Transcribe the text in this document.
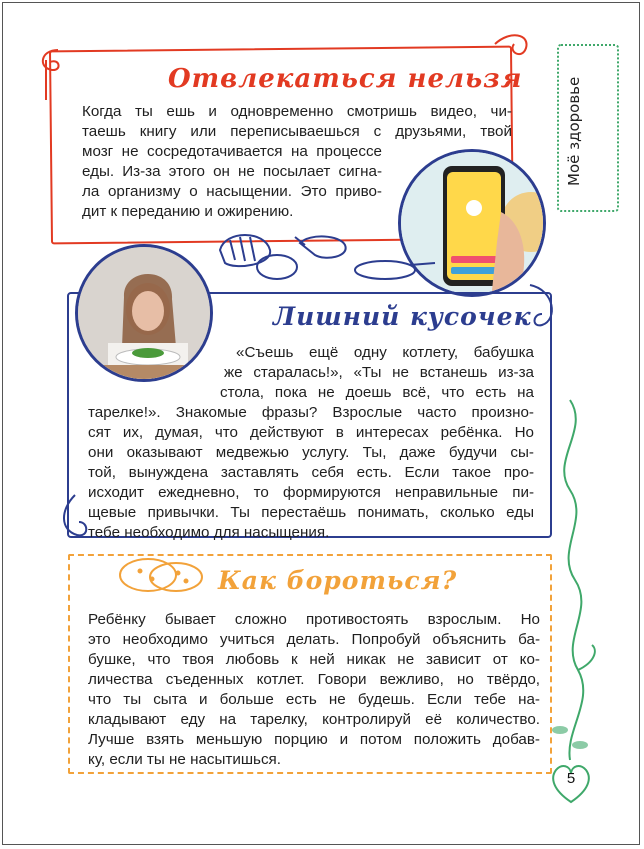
Моё здоровье
Отвлекаться нельзя
Когда ты ешь и одновременно смотришь видео, чи-
таешь книгу или переписываешься с друзьями, твой
мозг не сосредотачивается на процессе
еды. Из-за этого он не посылает сигна-
ла организму о насыщении. Это приво-
дит к переданию и ожирению.
Лишний кусочек
«Съешь ещё одну котлету, бабушка
же старалась!», «Ты не встанешь из-за
стола, пока не доешь всё, что есть на
тарелке!». Знакомые фразы? Взрослые часто произно-
сят их, думая, что действуют в интересах ребёнка. Но
они оказывают медвежью услугу. Ты, даже будучи сы-
той, вынуждена заставлять себя есть. Если такое про-
исходит ежедневно, то формируются неправильные пи-
щевые привычки. Ты перестаёшь понимать, сколько еды
тебе необходимо для насыщения.
Как бороться?
Ребёнку бывает сложно противостоять взрослым. Но
это необходимо учиться делать. Попробуй объяснить ба-
бушке, что твоя любовь к ней никак не зависит от ко-
личества съеденных котлет. Говори вежливо, но твёрдо,
что ты сыта и больше есть не будешь. Если тебе на-
кладывают еду на тарелку, контролируй её количество.
Лучше взять меньшую порцию и потом положить добав-
ку, если ты не насытишься.
5
